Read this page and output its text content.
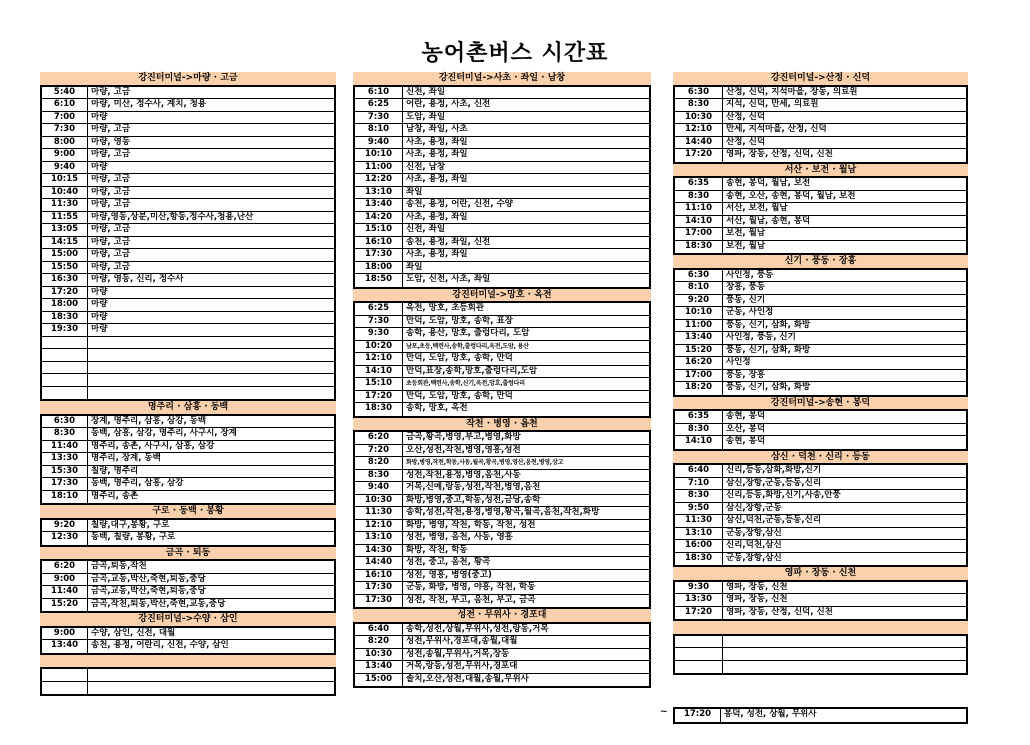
농어촌버스 시간표
강진터미널->마량 · 고금
5:40	마량, 고금
6:10	마량, 미산, 정수사, 계치, 청용
7:00	마량
7:30	마량, 고금
8:00	마량, 영동
9:00	마량, 고금
9:40	마량
10:15	마량, 고금
10:40	마량, 고금
11:30	마량, 고금
11:55	마량,영동,상분,미산,항동,정수사,청용,난산
13:05	마량, 고금
14:15	마량, 고금
15:00	마량, 고금
15:50	마량, 고금
16:30	마량, 영동, 신리, 정수사
17:20	마량
18:00	마량
18:30	마량
19:30	마량
명주리 · 삼흥 · 동백
6:30	장계, 명주리, 삼흥, 삼강, 동백
8:30	동백, 삼흥, 삼강, 명주리, 사구시, 장계
11:40	명주리, 송촌, 사구시, 삼흥, 삼강
13:30	명주리, 장계, 동백
15:30	칠량, 명주리
17:30	동백, 명주리, 삼흥, 삼강
18:10	명주리, 송촌
구로 · 동백 · 봉황
9:20	칠량,대구,봉황, 구로
12:30	동백, 칠량, 봉황, 구로
금곡 · 퇴동
6:20	금곡,퇴동,작천
9:00	금곡,교동,박산,죽현,퇴동,중당
11:40	금곡,교동,박산,죽현,퇴동,중당
15:20	금곡,작천,퇴동,박산,죽현,교동,중당
강진터미널->수양 · 삼인
9:00	수양, 삼인, 신전, 대월
13:40	송천, 용정, 어란리, 신전, 수양, 삼인
강진터미널->사초 · 좌일 · 남창
6:10	신전, 좌일
6:25	어란, 용정, 사초, 신전
7:30	도암, 좌일
8:10	남창, 좌일, 사초
9:40	사초, 용정, 좌일
10:10	사초, 용정, 좌일
11:00	신전, 남창
12:20	사초, 용정, 좌일
13:10	좌일
13:40	송천, 용정, 어란, 신전, 수양
14:20	사초, 용정, 좌일
15:10	신전, 좌일
16:10	송천, 용정, 좌일, 신전
17:30	사초, 용정, 좌일
18:00	좌일
18:50	도암, 신전, 사초, 좌일
강진터미널->망호 · 옥전
6:25	옥전, 망호, 초등회관
7:30	만덕, 도암, 망호, 송학, 표장
9:30	송학, 용산, 망호, 출렁다리, 도암
10:20	남포,초등,백련사,송학,출렁다리,옥전,도암, 용산
12:10	만덕, 도암, 망호, 송학, 만덕
14:10	만덕,표장,송학,망호,출렁다리,도암
15:10	초등회관,백련사,송학,신기,옥전,망호,출렁다리
17:20	만덕, 도암, 망호, 송학, 만덕
18:30	송학, 망호, 옥전
작천 · 병영 · 옴천
6:20	금곡,황곡,병영,부고,병영,화방
7:20	오산,성전,작천,병영,영흥,성전
8:20	화방,병영,작천,학동,사동,월곡,황곡,병영,영산,옴천,병영,상고
8:30	성전,작천,용정,병영,옴천,사동
9:40	거목,신예,랑동,성전,작천,병영,옴천
10:30	화방,병영,중고,학동,성전,금당,송학
11:30	송학,성전,작천,용정,병영,황곡,월곡,옴천,작천,화방
12:10	화방, 병영, 작천, 학동, 작천, 성전
13:10	성전, 병영, 옴천, 사동, 영흥
14:30	화방, 작천, 학동
14:40	성전, 중고, 옴천, 황곡
16:10	성전, 영흥, 병영(중고)
17:30	군동, 화방, 병영, 야흥, 작천, 학동
17:30	성전, 작천, 부고, 옴천, 부고, 금곡
성전 · 무위사 · 경포대
6:40	송학,성전,상월,무위사,성전,랑동,거목
8:20	성전,무위사,경포대,송월,대월
10:30	성전,송월,무위사,거목,장동
13:40	거목,랑동,성전,무위사,경포대
15:00	솔치,오산,성전,대월,송월,무위사
강진터미널->산정 · 신덕
6:30	산정, 신덕, 지석마을, 장동, 의료원
8:30	지석, 신덕, 만세, 의료원
10:30	산정, 신덕
12:10	만세, 지석마을, 산정, 신덕
14:40	산정, 신덕
17:20	영파, 장동, 산정, 신덕, 신천
서산 · 보전 · 월남
6:35	송현, 봉덕, 월남, 보전
8:30	송현, 오산, 송현, 봉덕, 월남, 보전
11:10	서산, 보전, 월남
14:10	서산, 월남, 송현, 봉덕
17:00	보전, 월남
18:30	보전, 월남
신기 · 풍동 · 장흥
6:30	사인정, 풍동
8:10	장흥, 풍동
9:20	풍동, 신기
10:10	군동, 사인정
11:00	풍동, 신기, 삼화, 화방
13:40	사인정, 풍동, 신기
15:20	풍동, 신기, 삼화, 화방
16:20	사인정
17:00	풍동, 장흥
18:20	풍동, 신기, 삼화, 화방
강진터미널->송현 · 봉덕
6:35	송현, 봉덕
8:30	오산, 봉덕
14:10	송현, 봉덕
삼신 · 덕천 · 신리 · 등동
6:40	신리,등동,삼화,화방,신기
7:10	삼신,장항,군동,등동,신리
8:30	신리,등동,화방,신기,사송,안풍
9:50	삼신,장항,군동
11:30	삼신,덕천,군동,등동,신리
13:10	군동,장항,삼신
16:00	신리,덕천,삼신
18:30	군동,장항,삼신
영파 · 장동 · 신천
9:30	영파, 장동, 신천
13:30	영파, 장동, 신천
17:20	영파, 장동, 산정, 신덕, 신천
~	17:20	봉덕, 성전, 상월, 무위사
